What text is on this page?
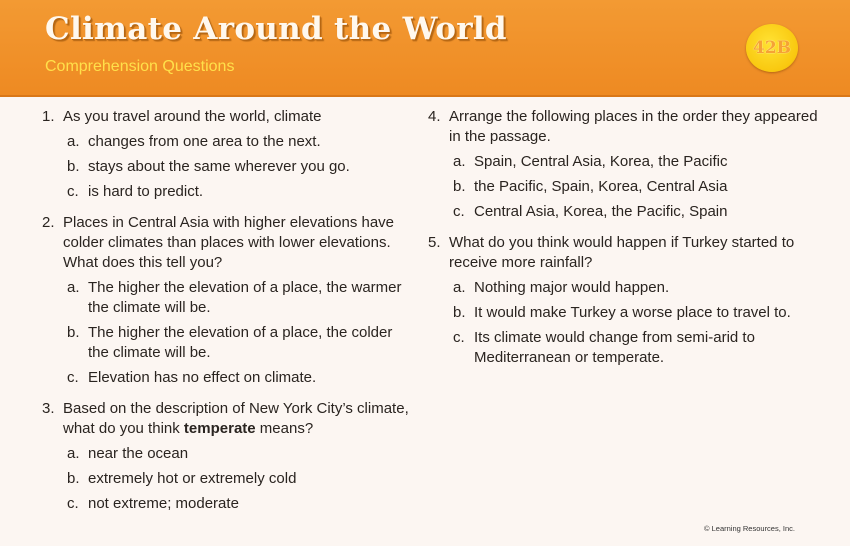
Climate Around the World
Comprehension Questions
42B
1. As you travel around the world, climate
a. changes from one area to the next.
b. stays about the same wherever you go.
c. is hard to predict.
2. Places in Central Asia with higher elevations have colder climates than places with lower elevations. What does this tell you?
a. The higher the elevation of a place, the warmer the climate will be.
b. The higher the elevation of a place, the colder the climate will be.
c. Elevation has no effect on climate.
3. Based on the description of New York City’s climate, what do you think temperate means?
a. near the ocean
b. extremely hot or extremely cold
c. not extreme; moderate
4. Arrange the following places in the order they appeared in the passage.
a. Spain, Central Asia, Korea, the Pacific
b. the Pacific, Spain, Korea, Central Asia
c. Central Asia, Korea, the Pacific, Spain
5. What do you think would happen if Turkey started to receive more rainfall?
a. Nothing major would happen.
b. It would make Turkey a worse place to travel to.
c. Its climate would change from semi-arid to Mediterranean or temperate.
© Learning Resources, Inc.
